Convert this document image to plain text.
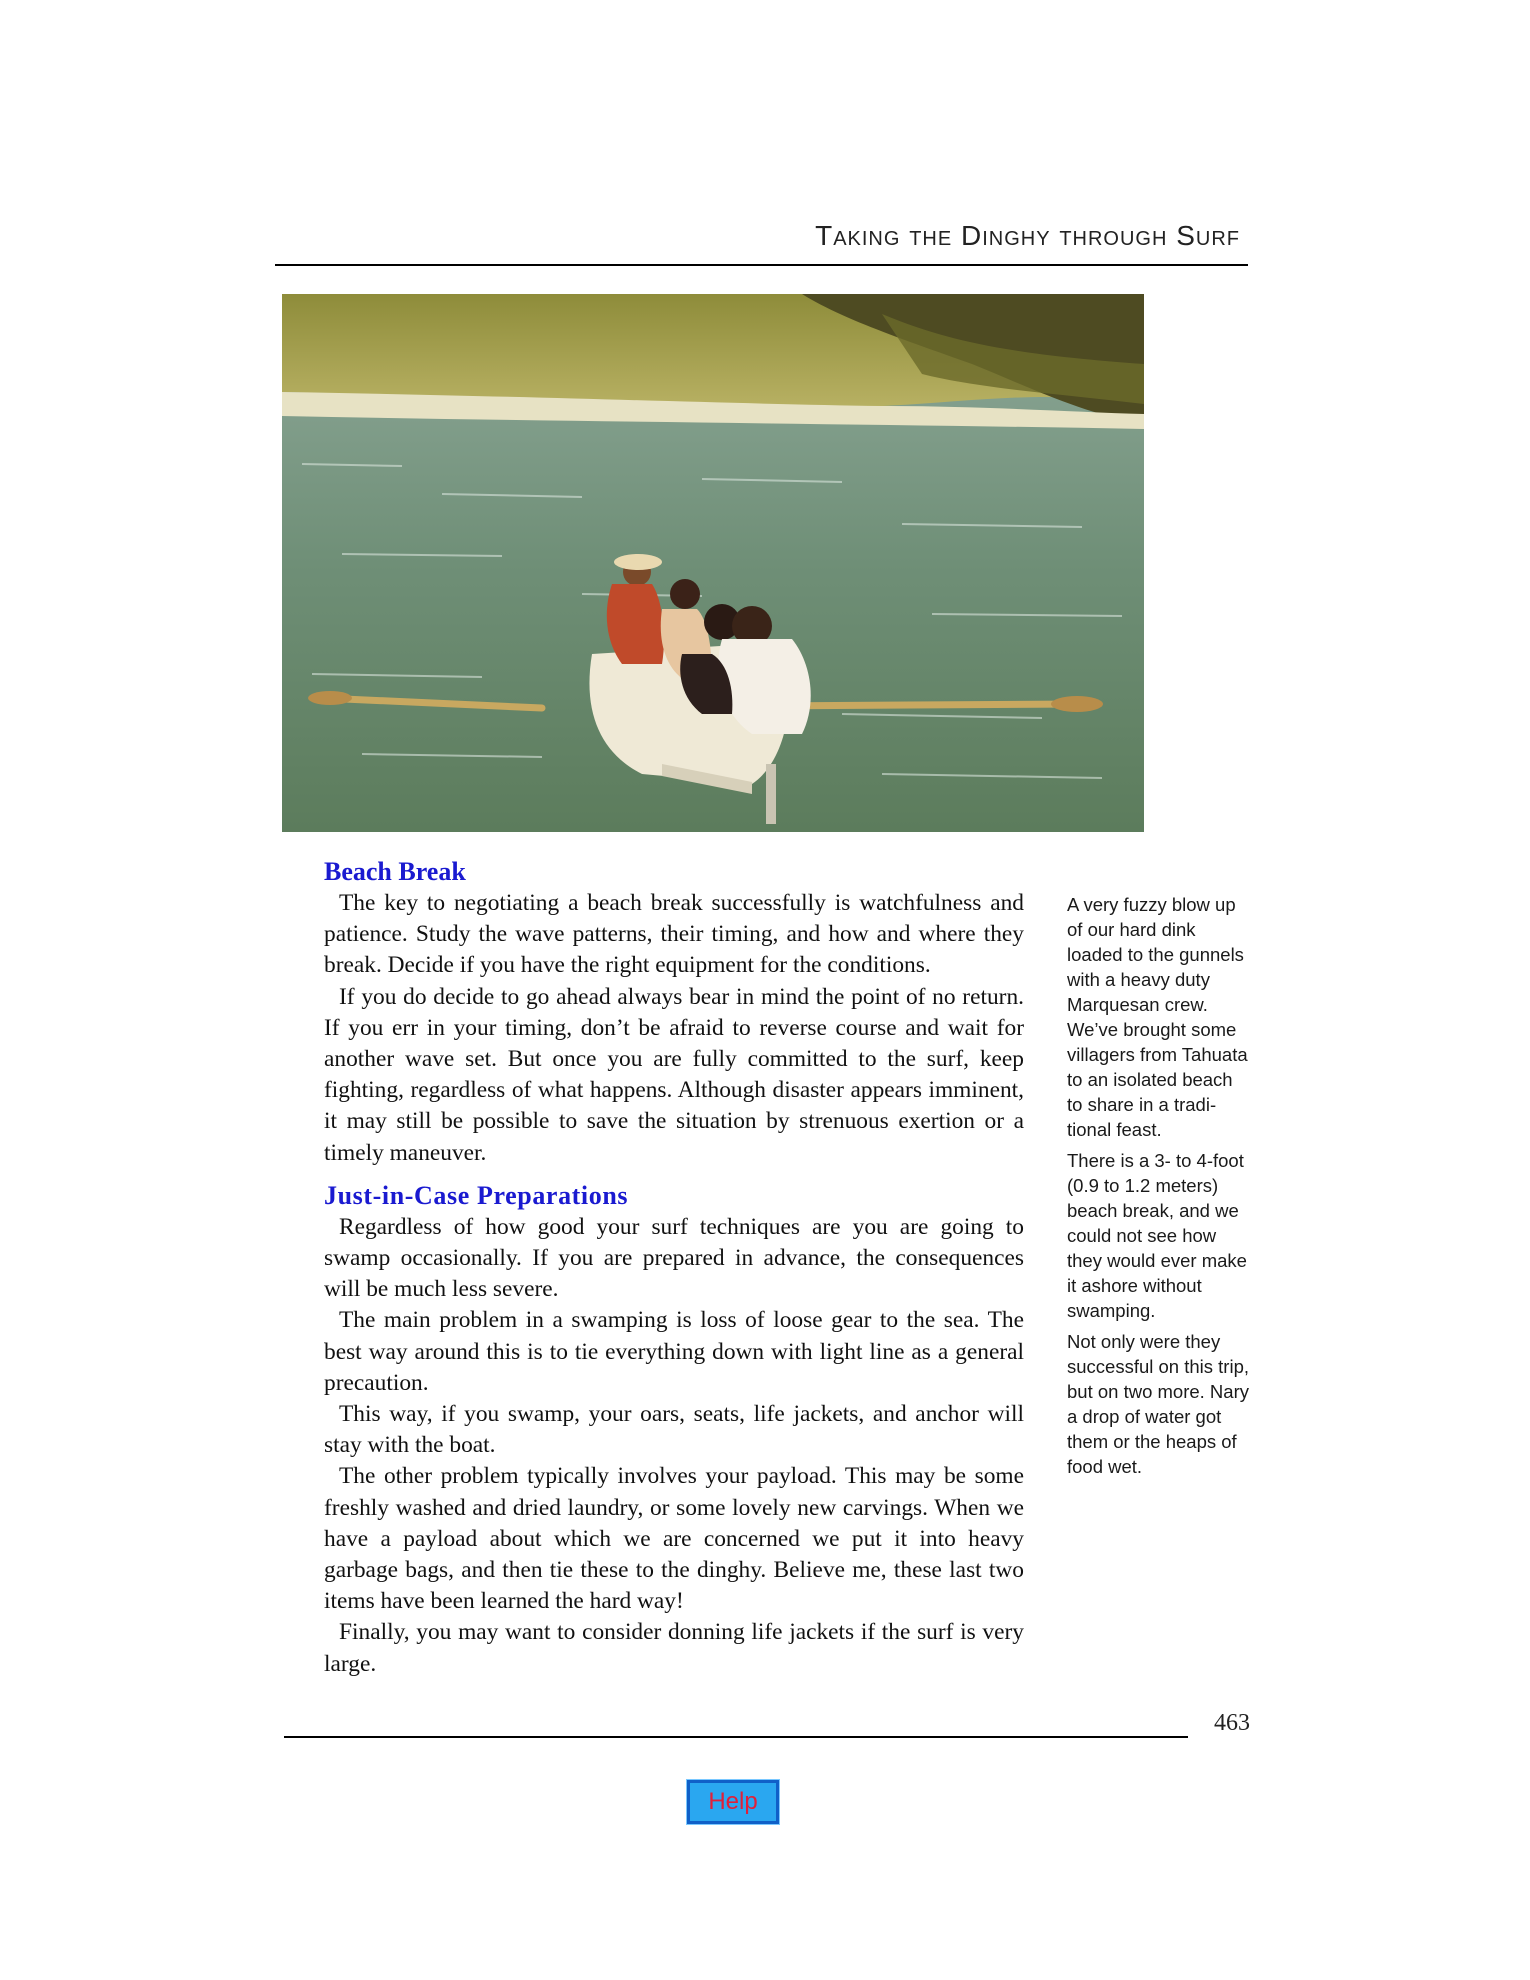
Taking the Dinghy through Surf
Beach Break

The key to negotiating a beach break successfully is watchfulness and patience. Study the wave patterns, their timing, and how and where they break. Decide if you have the right equipment for the conditions.

If you do decide to go ahead always bear in mind the point of no return. If you err in your timing, don’t be afraid to reverse course and wait for another wave set. But once you are fully committed to the surf, keep fighting, regardless of what happens. Although disaster appears imminent, it may still be possible to save the situation by strenuous exertion or a timely maneuver.

Just-in-Case Preparations

Regardless of how good your surf techniques are you are going to swamp occasionally. If you are prepared in advance, the consequences will be much less severe.

The main problem in a swamping is loss of loose gear to the sea. The best way around this is to tie everything down with light line as a general precaution.

This way, if you swamp, your oars, seats, life jackets, and anchor will stay with the boat.

The other problem typically involves your payload. This may be some freshly washed and dried laundry, or some lovely new carvings. When we have a payload about which we are concerned we put it into heavy garbage bags, and then tie these to the dinghy. Believe me, these last two items have been learned the hard way!

Finally, you may want to consider donning life jackets if the surf is very large.

A very fuzzy blow up of our hard dink loaded to the gunnels with a heavy duty Marquesan crew. We’ve brought some villagers from Tahuata to an isolated beach to share in a traditional feast.

There is a 3- to 4-foot (0.9 to 1.2 meters) beach break, and we could not see how they would ever make it ashore without swamping.

Not only were they successful on this trip, but on two more. Nary a drop of water got them or the heaps of food wet.

463
Help
